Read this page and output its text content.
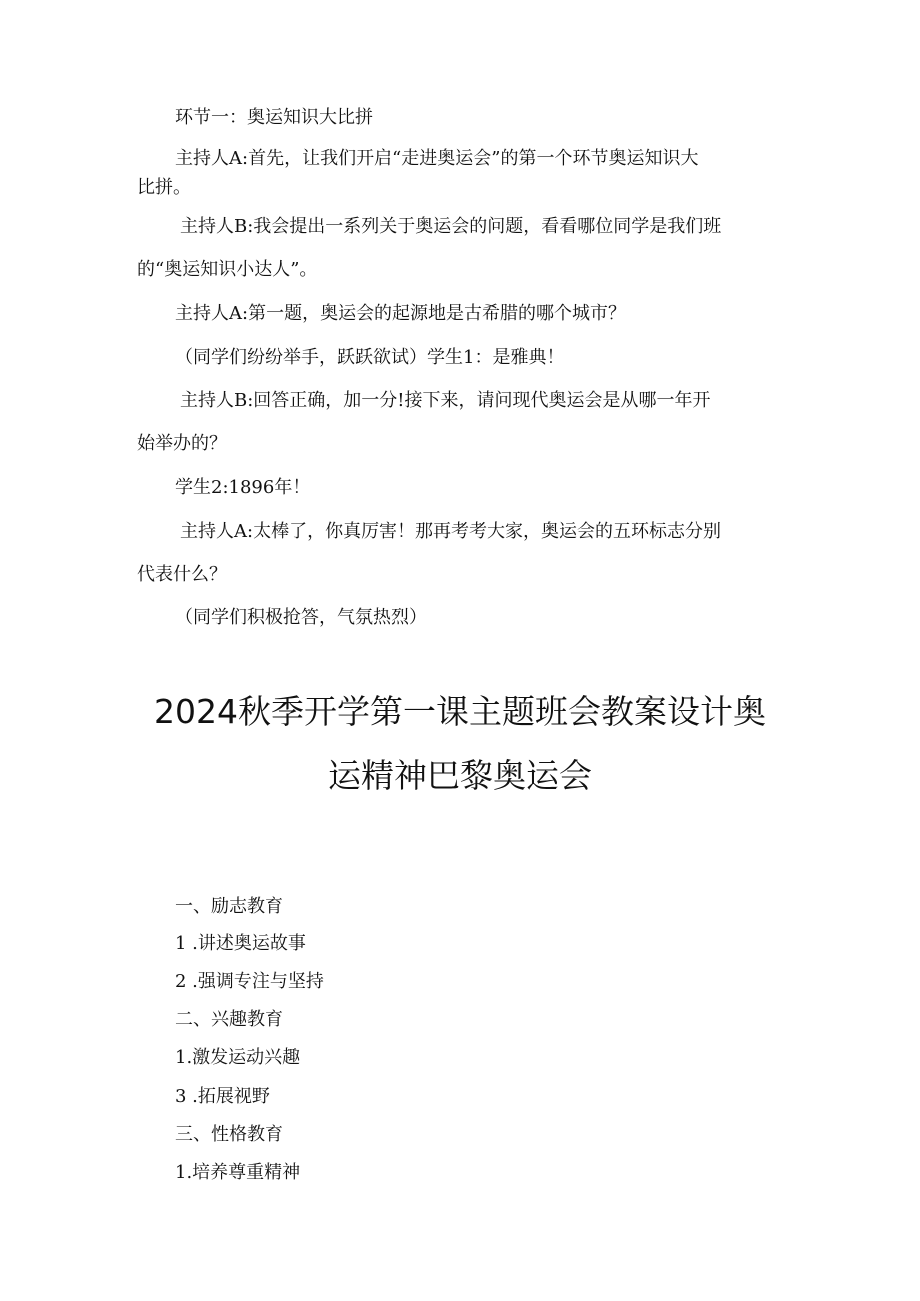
环节一：奥运知识大比拼
主持人A:首先，让我们开启“走进奥运会”的第一个环节奥运知识大
比拼。
主持人B:我会提出一系列关于奥运会的问题，看看哪位同学是我们班
的“奥运知识小达人”。
主持人A:第一题，奥运会的起源地是古希腊的哪个城市？
（同学们纷纷举手，跃跃欲试）学生1：是雅典！
主持人B:回答正确，加一分!接下来，请问现代奥运会是从哪一年开
始举办的？
学生2:1896年！
主持人A:太棒了，你真厉害！那再考考大家，奥运会的五环标志分别
代表什么？
（同学们积极抢答，气氛热烈）
2024秋季开学第一课主题班会教案设计奥
运精神巴黎奥运会
一、励志教育
1 .讲述奥运故事
2 .强调专注与坚持
二、兴趣教育
1.激发运动兴趣
3 .拓展视野
三、性格教育
1.培养尊重精神
